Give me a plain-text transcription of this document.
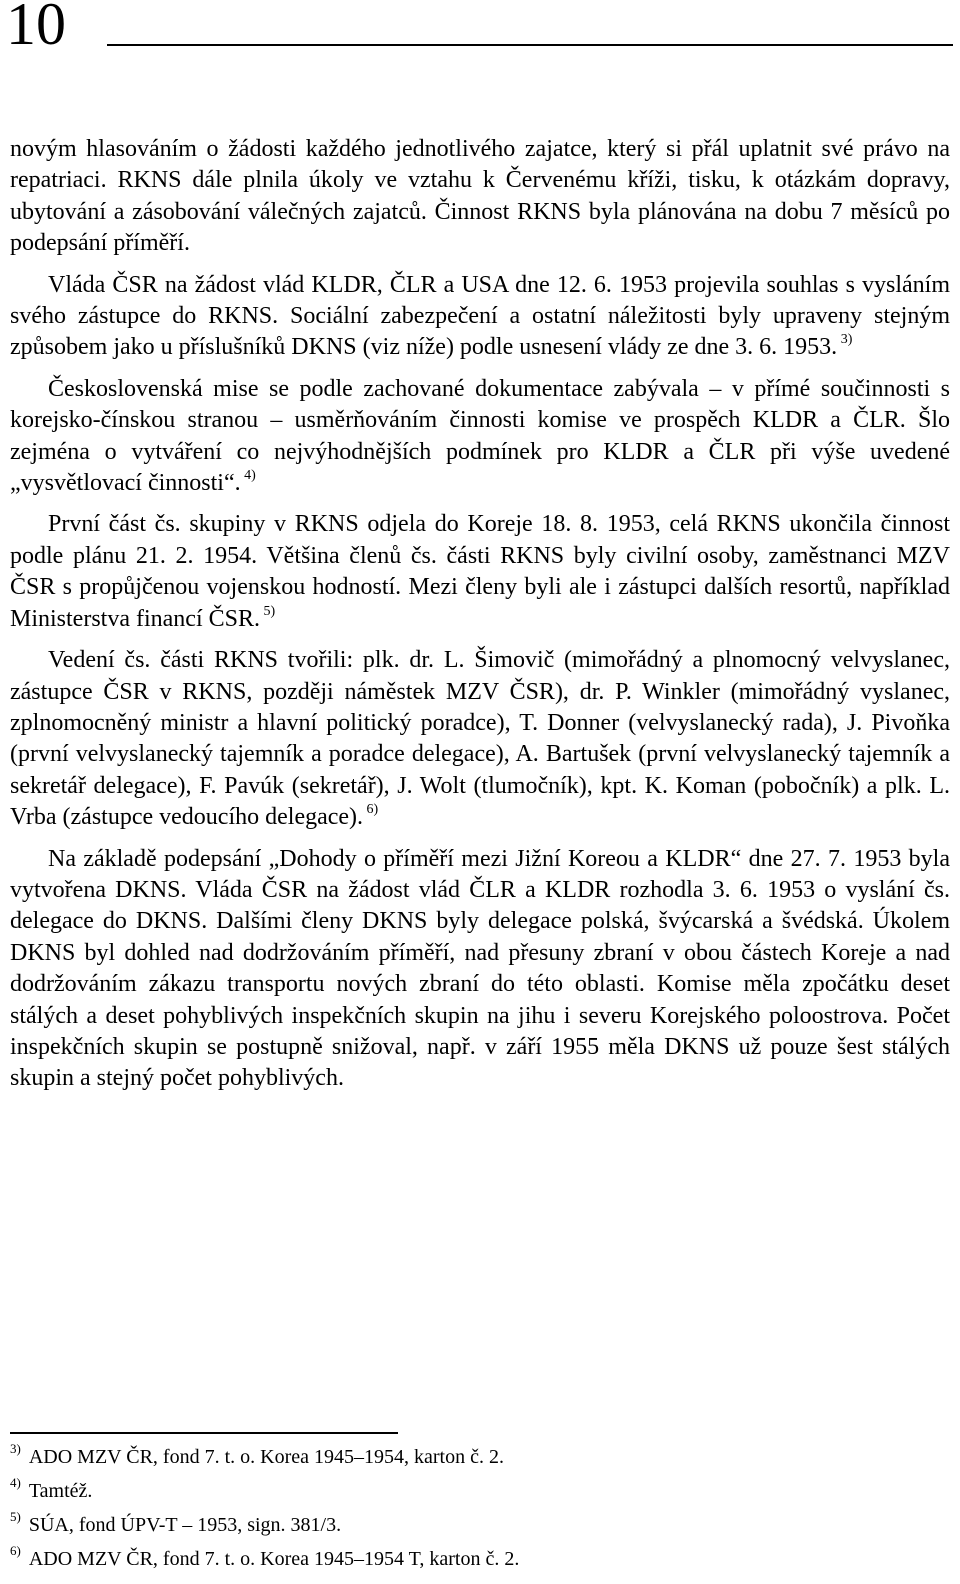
10

novým hlasováním o žádosti každého jednotlivého zajatce, který si přál uplatnit své právo na repatriaci. RKNS dále plnila úkoly ve vztahu k Červenému kříži, tisku, k otázkám dopravy, ubytování a zásobování válečných zajatců. Činnost RKNS byla plánována na dobu 7 měsíců po podepsání příměří.

Vláda ČSR na žádost vlád KLDR, ČLR a USA dne 12. 6. 1953 projevila souhlas s vysláním svého zástupce do RKNS. Sociální zabezpečení a ostatní náležitosti byly upraveny stejným způsobem jako u příslušníků DKNS (viz níže) podle usnesení vlády ze dne 3. 6. 1953. $^{3)}$

Československá mise se podle zachované dokumentace zabývala – v přímé součinnosti s korejsko-čínskou stranou – usměrňováním činnosti komise ve prospěch KLDR a ČLR. Šlo zejména o vytváření co nejvýhodnějších podmínek pro KLDR a ČLR při výše uvedené „vysvětlovací činnosti“. $^{4)}$

První část čs. skupiny v RKNS odjela do Koreje 18. 8. 1953, celá RKNS ukončila činnost podle plánu 21. 2. 1954. Většina členů čs. části RKNS byly civilní osoby, zaměstnanci MZV ČSR s propůjčenou vojenskou hodností. Mezi členy byli ale i zástupci dalších resortů, například Ministerstva financí ČSR. $^{5)}$

Vedení čs. části RKNS tvořili: plk. dr. L. Šimovič (mimořádný a plnomocný velvyslanec, zástupce ČSR v RKNS, později náměstek MZV ČSR), dr. P. Winkler (mimořádný vyslanec, zplnomocněný ministr a hlavní politický poradce), T. Donner (velvyslanecký rada), J. Pivoňka (první velvyslanecký tajemník a poradce delegace), A. Bartušek (první velvyslanecký tajemník a sekretář delegace), F. Pavúk (sekretář), J. Wolt (tlumočník), kpt. K. Koman (pobočník) a plk. L. Vrba (zástupce vedoucího delegace). $^{6)}$

Na základě podepsání „Dohody o příměří mezi Jižní Koreou a KLDR“ dne 27. 7. 1953 byla vytvořena DKNS. Vláda ČSR na žádost vlád ČLR a KLDR rozhodla 3. 6. 1953 o vyslání čs. delegace do DKNS. Dalšími členy DKNS byly delegace polská, švýcarská a švédská. Úkolem DKNS byl dohled nad dodržováním příměří, nad přesuny zbraní v obou částech Koreje a nad dodržováním zákazu transportu nových zbraní do této oblasti. Komise měla zpočátku deset stálých a deset pohyblivých inspekčních skupin na jihu i severu Korejského poloostrova. Počet inspekčních skupin se postupně snižoval, např. v září 1955 měla DKNS už pouze šest stálých skupin a stejný počet pohyblivých.

$^{3)}$ ADO MZV ČR, fond 7. t. o. Korea 1945–1954, karton č. 2.
$^{4)}$ Tamtéž.
$^{5)}$ SÚA, fond ÚPV-T – 1953, sign. 381/3.
$^{6)}$ ADO MZV ČR, fond 7. t. o. Korea 1945–1954 T, karton č. 2.
